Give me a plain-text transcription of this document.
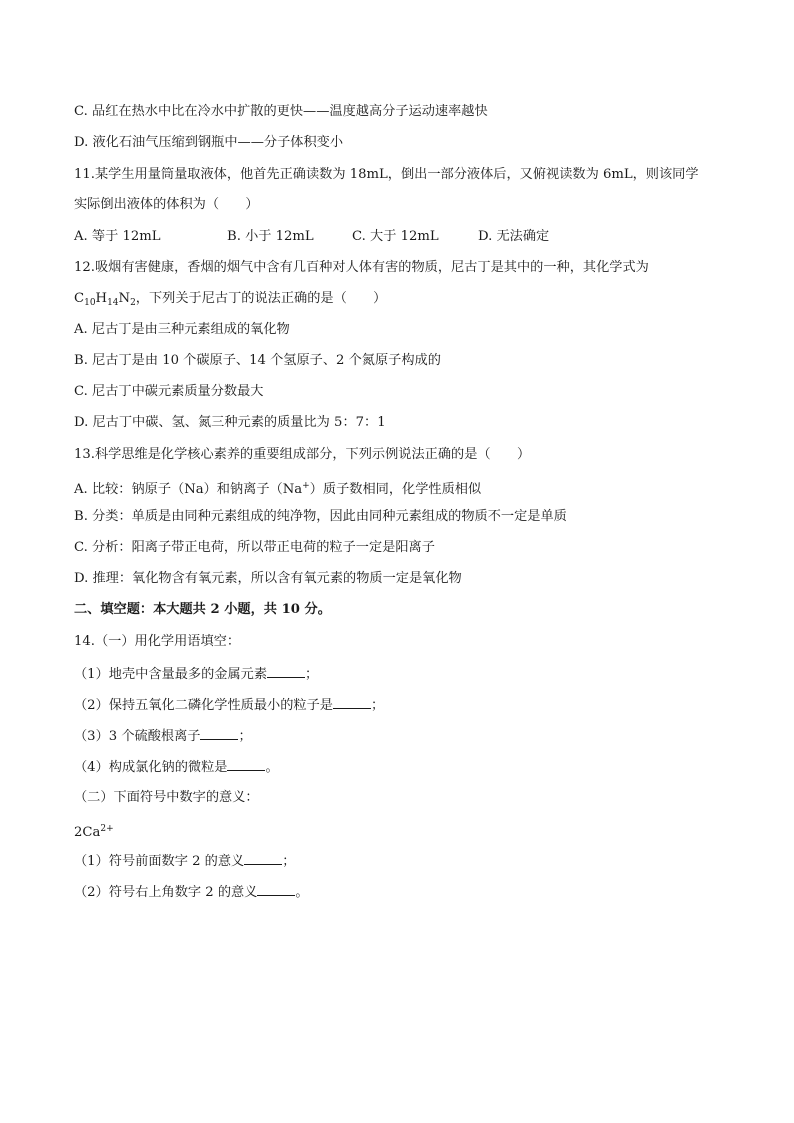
C. 品红在热水中比在冷水中扩散的更快——温度越高分子运动速率越快
D. 液化石油气压缩到钢瓶中——分子体积变小
11.某学生用量筒量取液体，他首先正确读数为 18mL，倒出一部分液体后，又俯视读数为 6mL，则该同学
实际倒出液体的体积为（　　）
A. 等于 12mL	B. 小于 12mL	C. 大于 12mL	D. 无法确定
12.吸烟有害健康，香烟的烟气中含有几百种对人体有害的物质，尼古丁是其中的一种，其化学式为
$C_{10}H_{14}N_2$，下列关于尼古丁的说法正确的是（　　）
A. 尼古丁是由三种元素组成的氧化物
B. 尼古丁是由 10 个碳原子、14 个氢原子、2 个氮原子构成的
C. 尼古丁中碳元素质量分数最大
D. 尼古丁中碳、氢、氮三种元素的质量比为 5：7：1
13.科学思维是化学核心素养的重要组成部分，下列示例说法正确的是（　　）
A. 比较：钠原子（Na）和钠离子（Na+）质子数相同，化学性质相似
B. 分类：单质是由同种元素组成的纯净物，因此由同种元素组成的物质不一定是单质
C. 分析：阳离子带正电荷，所以带正电荷的粒子一定是阳离子
D. 推理：氧化物含有氧元素，所以含有氧元素的物质一定是氧化物
二、填空题：本大题共 2 小题，共 10 分。
14.（一）用化学用语填空：
（1）地壳中含量最多的金属元素	；
（2）保持五氧化二磷化学性质最小的粒子是	；
（3）3 个硫酸根离子	；
（4）构成氯化钠的微粒是	。
（二）下面符号中数字的意义：
$2Ca^{2+}$
（1）符号前面数字 2 的意义	；
（2）符号右上角数字 2 的意义	。
